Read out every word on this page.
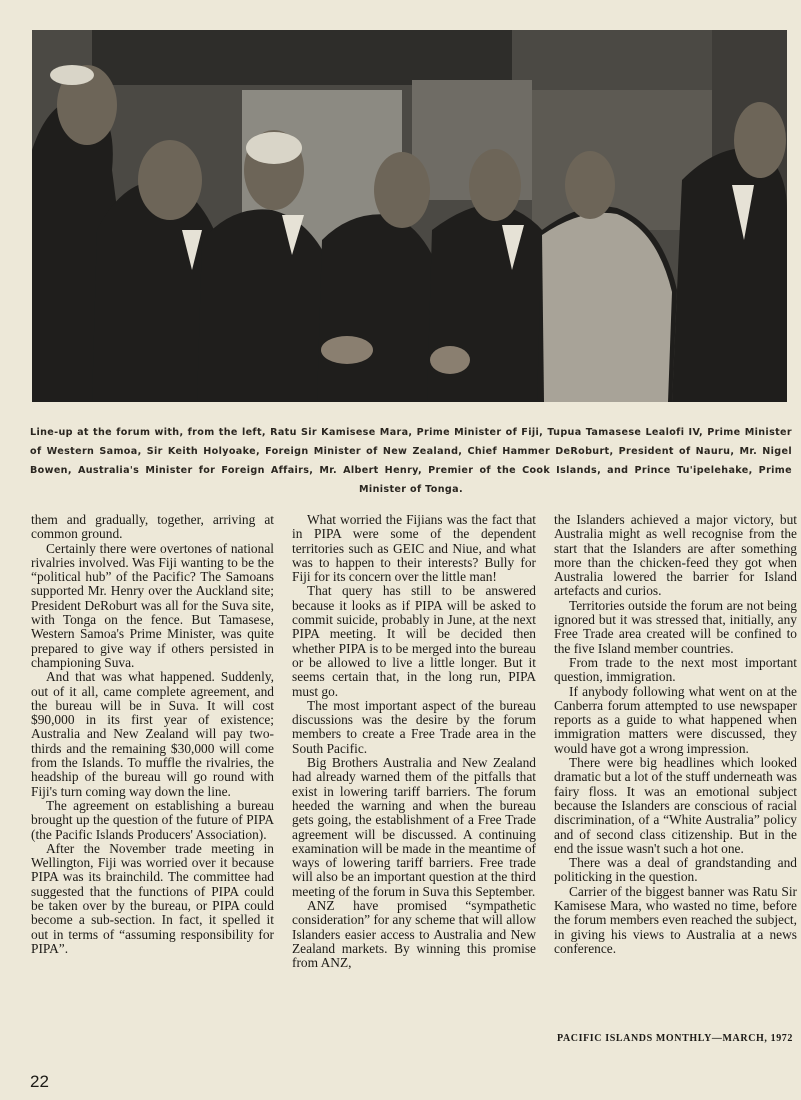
Line-up at the forum with, from the left, Ratu Sir Kamisese Mara, Prime Minister of Fiji, Tupua Tamasese Lealofi IV, Prime Minister of Western Samoa, Sir Keith Holyoake, Foreign Minister of New Zealand, Chief Hammer DeRoburt, President of Nauru, Mr. Nigel Bowen, Australia's Minister for Foreign Affairs, Mr. Albert Henry, Premier of the Cook Islands, and Prince Tu'ipelehake, Prime Minister of Tonga.

them and gradually, together, arriving at common ground.

Certainly there were overtones of national rivalries involved. Was Fiji wanting to be the “political hub” of the Pacific? The Samoans supported Mr. Henry over the Auckland site; President DeRoburt was all for the Suva site, with Tonga on the fence. But Tamasese, Western Samoa's Prime Minister, was quite prepared to give way if others persisted in championing Suva.

And that was what happened. Suddenly, out of it all, came complete agreement, and the bureau will be in Suva. It will cost $90,000 in its first year of existence; Australia and New Zealand will pay two-thirds and the remaining $30,000 will come from the Islands. To muffle the rivalries, the headship of the bureau will go round with Fiji's turn coming way down the line.

The agreement on establishing a bureau brought up the question of the future of PIPA (the Pacific Islands Producers' Association).

After the November trade meeting in Wellington, Fiji was worried over it because PIPA was its brainchild. The committee had suggested that the functions of PIPA could be taken over by the bureau, or PIPA could become a sub-section. In fact, it spelled it out in terms of “assuming responsibility for PIPA”.

What worried the Fijians was the fact that in PIPA were some of the dependent territories such as GEIC and Niue, and what was to happen to their interests? Bully for Fiji for its concern over the little man!

That query has still to be answered because it looks as if PIPA will be asked to commit suicide, probably in June, at the next PIPA meeting. It will be decided then whether PIPA is to be merged into the bureau or be allowed to live a little longer. But it seems certain that, in the long run, PIPA must go.

The most important aspect of the bureau discussions was the desire by the forum members to create a Free Trade area in the South Pacific.

Big Brothers Australia and New Zealand had already warned them of the pitfalls that exist in lowering tariff barriers. The forum heeded the warning and when the bureau gets going, the establishment of a Free Trade agreement will be discussed. A continuing examination will be made in the meantime of ways of lowering tariff barriers. Free trade will also be an important question at the third meeting of the forum in Suva this September.

ANZ have promised “sympathetic consideration” for any scheme that will allow Islanders easier access to Australia and New Zealand markets. By winning this promise from ANZ,

the Islanders achieved a major victory, but Australia might as well recognise from the start that the Islanders are after something more than the chicken-feed they got when Australia lowered the barrier for Island artefacts and curios.

Territories outside the forum are not being ignored but it was stressed that, initially, any Free Trade area created will be confined to the five Island member countries.

From trade to the next most important question, immigration.

If anybody following what went on at the Canberra forum attempted to use newspaper reports as a guide to what happened when immigration matters were discussed, they would have got a wrong impression.

There were big headlines which looked dramatic but a lot of the stuff underneath was fairy floss. It was an emotional subject because the Islanders are conscious of racial discrimination, of a “White Australia” policy and of second class citizenship. But in the end the issue wasn't such a hot one.

There was a deal of grandstanding and politicking in the question.

Carrier of the biggest banner was Ratu Sir Kamisese Mara, who wasted no time, before the forum members even reached the subject, in giving his views to Australia at a news conference.

22
PACIFIC ISLANDS MONTHLY—MARCH, 1972
